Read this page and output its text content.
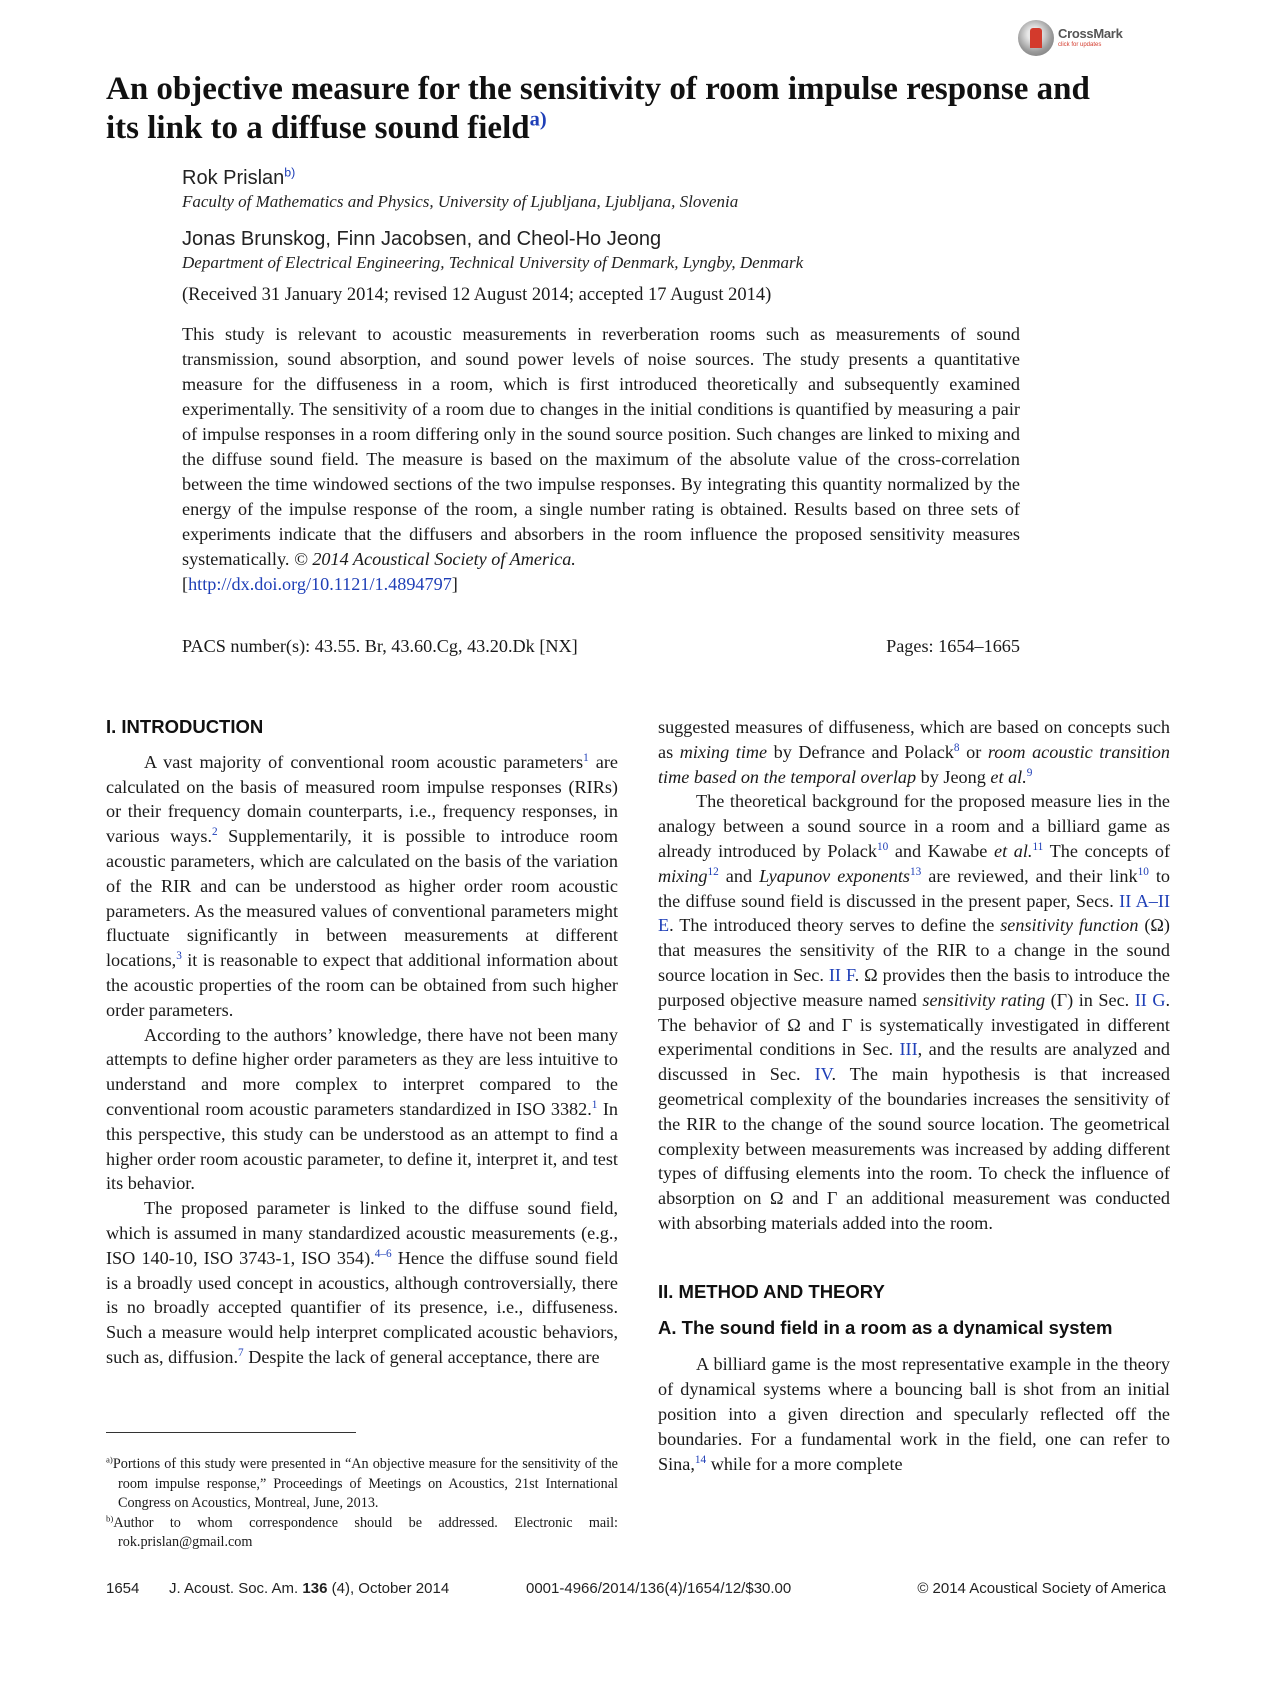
CrossMark
click for updates
An objective measure for the sensitivity of room impulse response and its link to a diffuse sound field$^{a)}$
Rok Prislan$^{b)}$
Faculty of Mathematics and Physics, University of Ljubljana, Ljubljana, Slovenia
Jonas Brunskog, Finn Jacobsen, and Cheol-Ho Jeong
Department of Electrical Engineering, Technical University of Denmark, Lyngby, Denmark
(Received 31 January 2014; revised 12 August 2014; accepted 17 August 2014)
This study is relevant to acoustic measurements in reverberation rooms such as measurements of sound transmission, sound absorption, and sound power levels of noise sources. The study presents a quantitative measure for the diffuseness in a room, which is first introduced theoretically and subsequently examined experimentally. The sensitivity of a room due to changes in the initial conditions is quantified by measuring a pair of impulse responses in a room differing only in the sound source position. Such changes are linked to mixing and the diffuse sound field. The measure is based on the maximum of the absolute value of the cross-correlation between the time windowed sections of the two impulse responses. By integrating this quantity normalized by the energy of the impulse response of the room, a single number rating is obtained. Results based on three sets of experiments indicate that the diffusers and absorbers in the room influence the proposed sensitivity measures systematically. © 2014 Acoustical Society of America.
[http://dx.doi.org/10.1121/1.4894797]
PACS number(s): 43.55. Br, 43.60.Cg, 43.20.Dk [NX]	Pages: 1654–1665
I. INTRODUCTION

A vast majority of conventional room acoustic parameters$^1$ are calculated on the basis of measured room impulse responses (RIRs) or their frequency domain counterparts, i.e., frequency responses, in various ways.$^2$ Supplementarily, it is possible to introduce room acoustic parameters, which are calculated on the basis of the variation of the RIR and can be understood as higher order room acoustic parameters. As the measured values of conventional parameters might fluctuate significantly in between measurements at different locations,$^3$ it is reasonable to expect that additional information about the acoustic properties of the room can be obtained from such higher order parameters.

According to the authors’ knowledge, there have not been many attempts to define higher order parameters as they are less intuitive to understand and more complex to interpret compared to the conventional room acoustic parameters standardized in ISO 3382.$^1$ In this perspective, this study can be understood as an attempt to find a higher order room acoustic parameter, to define it, interpret it, and test its behavior.

The proposed parameter is linked to the diffuse sound field, which is assumed in many standardized acoustic measurements (e.g., ISO 140-10, ISO 3743-1, ISO 354).$^{4-6}$ Hence the diffuse sound field is a broadly used concept in acoustics, although controversially, there is no broadly accepted quantifier of its presence, i.e., diffuseness. Such a measure would help interpret complicated acoustic behaviors, such as, diffusion.$^7$ Despite the lack of general acceptance, there are

suggested measures of diffuseness, which are based on concepts such as mixing time by Defrance and Polack$^8$ or room acoustic transition time based on the temporal overlap by Jeong et al.$^9$

The theoretical background for the proposed measure lies in the analogy between a sound source in a room and a billiard game as already introduced by Polack$^{10}$ and Kawabe et al.$^{11}$ The concepts of mixing$^{12}$ and Lyapunov exponents$^{13}$ are reviewed, and their link$^{10}$ to the diffuse sound field is discussed in the present paper, Secs. II A–II E. The introduced theory serves to define the sensitivity function (Ω) that measures the sensitivity of the RIR to a change in the sound source location in Sec. II F. Ω provides then the basis to introduce the purposed objective measure named sensitivity rating (Γ) in Sec. II G. The behavior of Ω and Γ is systematically investigated in different experimental conditions in Sec. III, and the results are analyzed and discussed in Sec. IV. The main hypothesis is that increased geometrical complexity of the boundaries increases the sensitivity of the RIR to the change of the sound source location. The geometrical complexity between measurements was increased by adding different types of diffusing elements into the room. To check the influence of absorption on Ω and Γ an additional measurement was conducted with absorbing materials added into the room.

II. METHOD AND THEORY
A. The sound field in a room as a dynamical system

A billiard game is the most representative example in the theory of dynamical systems where a bouncing ball is shot from an initial position into a given direction and specularly reflected off the boundaries. For a fundamental work in the field, one can refer to Sina,$^{14}$ while for a more complete

$^{a)}$Portions of this study were presented in “An objective measure for the sensitivity of the room impulse response,” Proceedings of Meetings on Acoustics, 21st International Congress on Acoustics, Montreal, June, 2013.

$^{b)}$Author to whom correspondence should be addressed. Electronic mail: rok.prislan@gmail.com

1654 J. Acoust. Soc. Am. 136 (4), October 2014	0001-4966/2014/136(4)/1654/12/$30.00	© 2014 Acoustical Society of America
